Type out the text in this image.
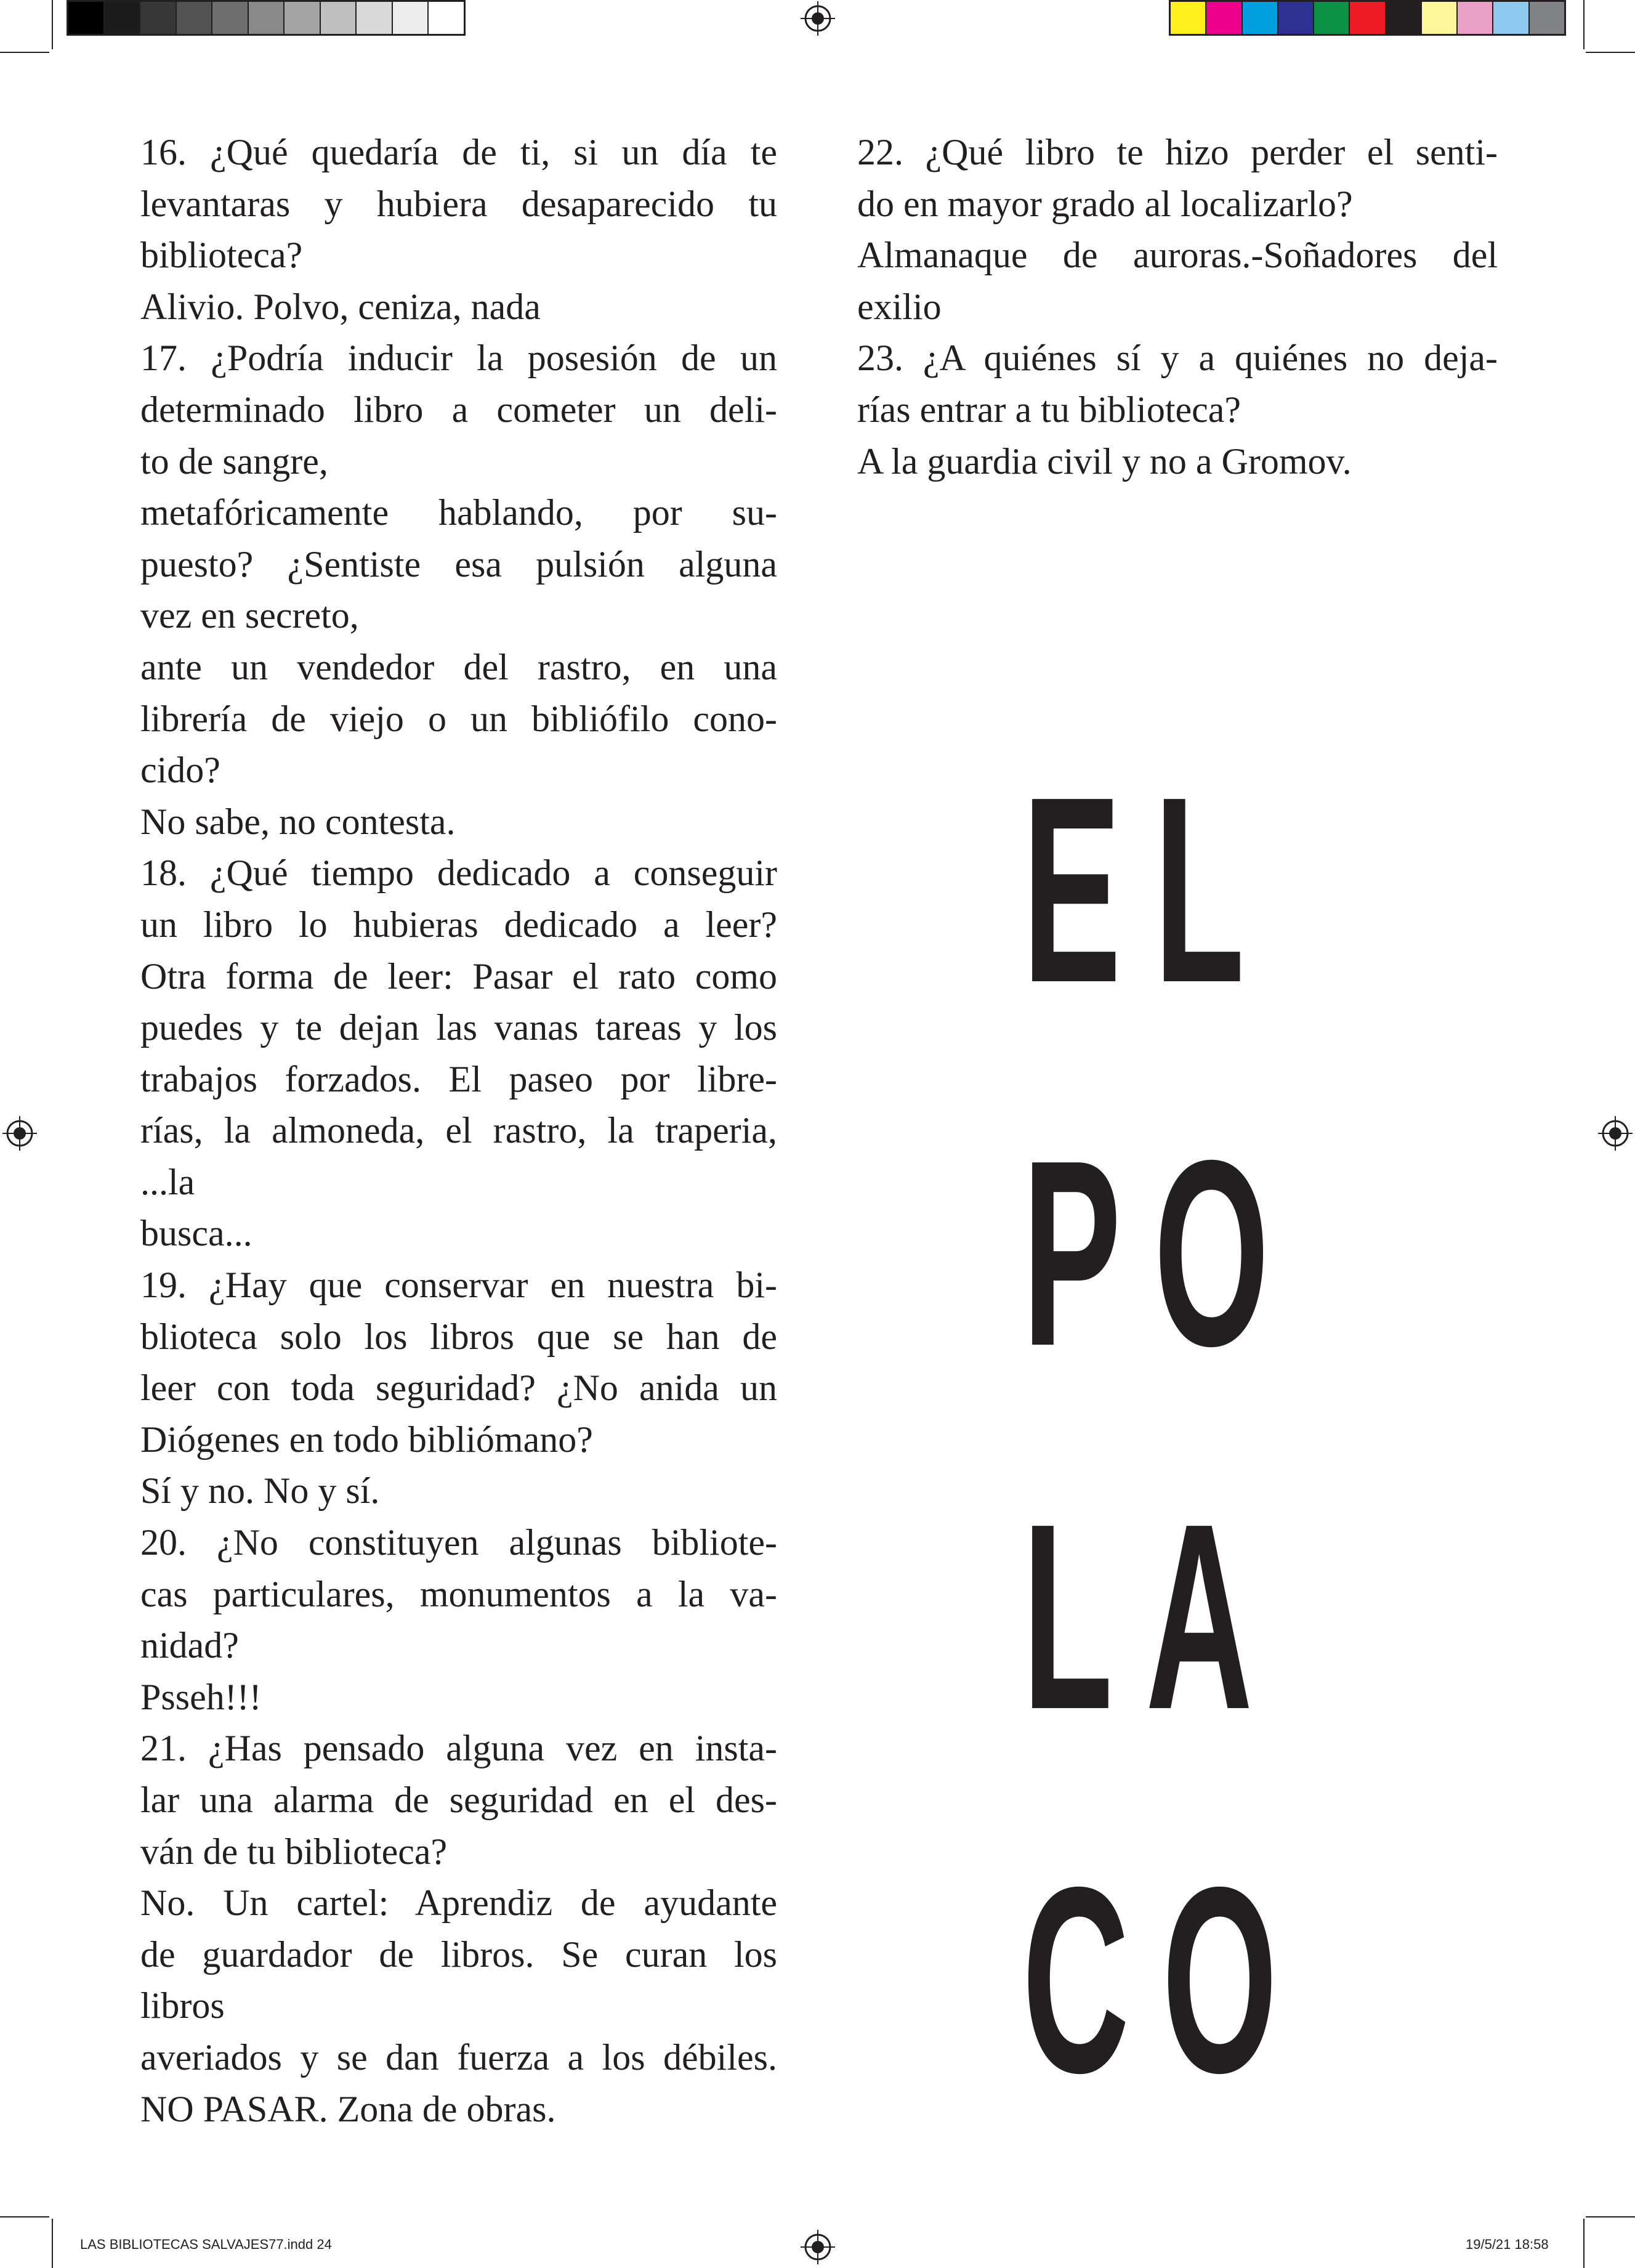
16. ¿Qué quedaría de ti, si un día te
levantaras y hubiera desaparecido tu
biblioteca?
Alivio. Polvo, ceniza, nada
17. ¿Podría inducir la posesión de un
determinado libro a cometer un deli-
to de sangre,
metafóricamente hablando, por su-
puesto? ¿Sentiste esa pulsión alguna
vez en secreto,
ante un vendedor del rastro, en una
librería de viejo o un bibliófilo cono-
cido?
No sabe, no contesta.
18. ¿Qué tiempo dedicado a conseguir
un libro lo hubieras dedicado a leer?
Otra forma de leer: Pasar el rato como
puedes y te dejan las vanas tareas y los
trabajos forzados. El paseo por libre-
rías, la almoneda, el rastro, la traperia,
...la
busca...
19. ¿Hay que conservar en nuestra bi-
blioteca solo los libros que se han de
leer con toda seguridad? ¿No anida un
Diógenes en todo bibliómano?
Sí y no. No y sí.
20. ¿No constituyen algunas bibliote-
cas particulares, monumentos a la va-
nidad?
Psseh!!!
21. ¿Has pensado alguna vez en insta-
lar una alarma de seguridad en el des-
ván de tu biblioteca?
No. Un cartel: Aprendiz de ayudante
de guardador de libros. Se curan los
libros
averiados y se dan fuerza a los débiles.
NO PASAR. Zona de obras.
22. ¿Qué libro te hizo perder el senti-
do en mayor grado al localizarlo?
Almanaque de auroras.-Soñadores del
exilio
23. ¿A quiénes sí y a quiénes no deja-
rías entrar a tu biblioteca?
A la guardia civil y no a Gromov.
EL
PO
LA
CO
LAS BIBLIOTECAS SALVAJES77.indd 24	19/5/21 18:58
